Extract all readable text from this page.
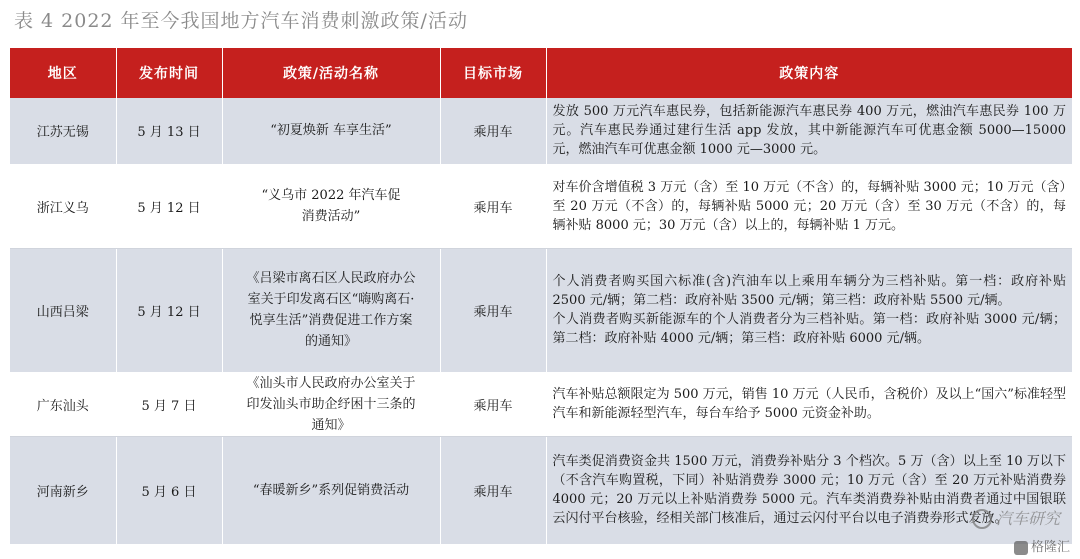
表 4 2022 年至今我国地方汽车消费刺激政策/活动
地区	发布时间	政策/活动名称	目标市场	政策内容
江苏无锡	5 月 13 日	“初夏焕新 车享生活”	乘用车	发放 500 万元汽车惠民券，包括新能源汽车惠民券 400 万元，燃油汽车惠民券 100 万元。汽车惠民券通过建行生活 app 发放，其中新能源汽车可优惠金额 5000—15000 元，燃油汽车可优惠金额 1000 元—3000 元。
浙江义乌	5 月 12 日	“义乌市 2022 年汽车促消费活动”	乘用车	对车价含增值税 3 万元（含）至 10 万元（不含）的，每辆补贴 3000 元；10 万元（含）至 20 万元（不含）的，每辆补贴 5000 元；20 万元（含）至 30 万元（不含）的，每辆补贴 8000 元；30 万元（含）以上的，每辆补贴 1 万元。
山西吕梁	5 月 12 日	《吕梁市离石区人民政府办公室关于印发离石区“嗨购离石·悦享生活”消费促进工作方案的通知》	乘用车	个人消费者购买国六标准(含)汽油车以上乘用车辆分为三档补贴。第一档：政府补贴 2500 元/辆；第二档：政府补贴 3500 元/辆；第三档：政府补贴 5500 元/辆。
个人消费者购买新能源车的个人消费者分为三档补贴。第一档：政府补贴 3000 元/辆；第二档：政府补贴 4000 元/辆；第三档：政府补贴 6000 元/辆。

广东汕头	5 月 7 日	《汕头市人民政府办公室关于印发汕头市助企纾困十三条的通知》	乘用车	汽车补贴总额限定为 500 万元，销售 10 万元（人民币，含税价）及以上“国六”标准轻型汽车和新能源轻型汽车，每台车给予 5000 元资金补助。
河南新乡	5 月 6 日	“春暖新乡”系列促销费活动	乘用车	汽车类促消费资金共 1500 万元，消费券补贴分 3 个档次。5 万（含）以上至 10 万以下（不含汽车购置税，下同）补贴消费券 3000 元；10 万元（含）至 20 万元补贴消费券 4000 元；20 万元以上补贴消费券 5000 元。汽车类消费券补贴由消费者通过中国银联云闪付平台核验，经相关部门核准后，通过云闪付平台以电子消费券形式发放。
汽车研究
格隆汇
